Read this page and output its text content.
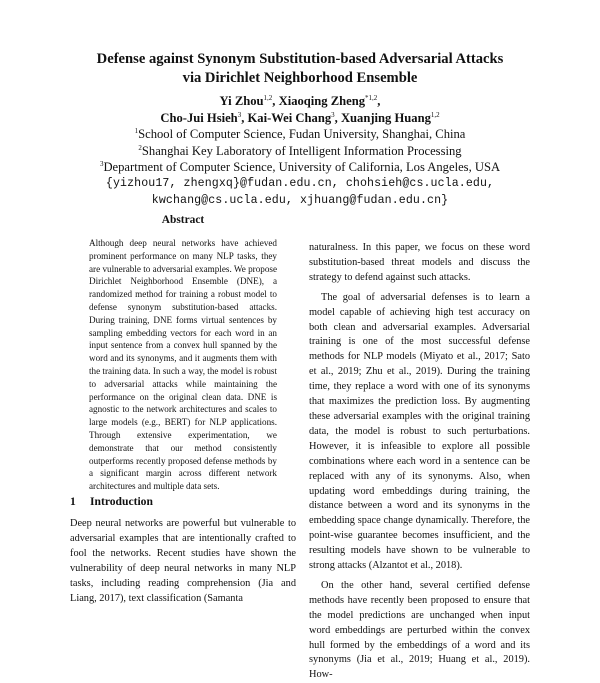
Defense against Synonym Substitution-based Adversarial Attacks
via Dirichlet Neighborhood Ensemble
Yi Zhou$^{1,2}$, Xiaoqing Zheng$^{*1,2}$,
Cho-Jui Hsieh$^3$, Kai-Wei Chang$^3$, Xuanjing Huang$^{1,2}$
$^1$School of Computer Science, Fudan University, Shanghai, China
$^2$Shanghai Key Laboratory of Intelligent Information Processing
$^3$Department of Computer Science, University of California, Los Angeles, USA
{yizhou17, zhengxq}@fudan.edu.cn, chohsieh@cs.ucla.edu,
kwchang@cs.ucla.edu, xjhuang@fudan.edu.cn}
Abstract
Although deep neural networks have achieved prominent performance on many NLP tasks, they are vulnerable to adversarial examples. We propose Dirichlet Neighborhood Ensemble (DNE), a randomized method for training a robust model to defense synonym substitution-based attacks. During training, DNE forms virtual sentences by sampling embedding vectors for each word in an input sentence from a convex hull spanned by the word and its synonyms, and it augments them with the training data. In such a way, the model is robust to adversarial attacks while maintaining the performance on the original clean data. DNE is agnostic to the network architectures and scales to large models (e.g., BERT) for NLP applications. Through extensive experimentation, we demonstrate that our method consistently outperforms recently proposed defense methods by a significant margin across different network architectures and multiple data sets.
1 Introduction

Deep neural networks are powerful but vulnerable to adversarial examples that are intentionally crafted to fool the networks. Recent studies have shown the vulnerability of deep neural networks in many NLP tasks, including reading comprehension (Jia and Liang, 2017), text classification (Samanta

naturalness. In this paper, we focus on these word substitution-based threat models and discuss the strategy to defend against such attacks.

The goal of adversarial defenses is to learn a model capable of achieving high test accuracy on both clean and adversarial examples. Adversarial training is one of the most successful defense methods for NLP models (Miyato et al., 2017; Sato et al., 2019; Zhu et al., 2019). During the training time, they replace a word with one of its synonyms that maximizes the prediction loss. By augmenting these adversarial examples with the original training data, the model is robust to such perturbations. However, it is infeasible to explore all possible combinations where each word in a sentence can be replaced with any of its synonyms. Also, when updating word embeddings during training, the distance between a word and its synonyms in the embedding space change dynamically. Therefore, the point-wise guarantee becomes insufficient, and the resulting models have shown to be vulnerable to strong attacks (Alzantot et al., 2018).

On the other hand, several certified defense methods have recently been proposed to ensure that the model predictions are unchanged when input word embeddings are perturbed within the convex hull formed by the embeddings of a word and its synonyms (Jia et al., 2019; Huang et al., 2019). How-
